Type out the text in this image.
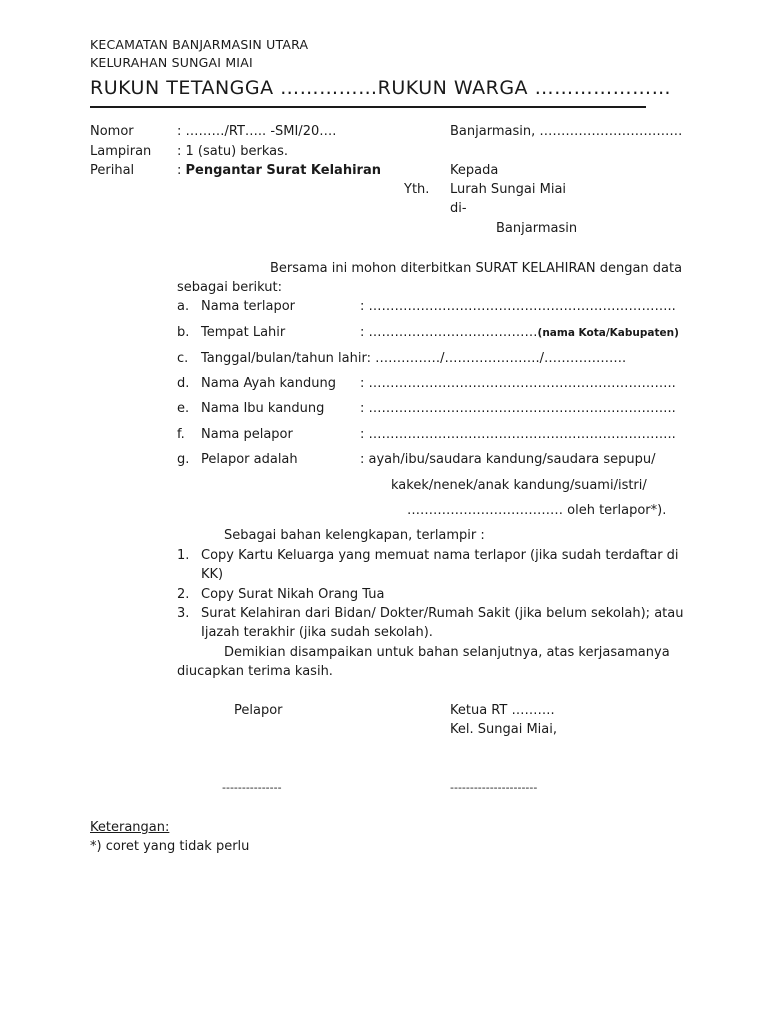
KECAMATAN BANJARMASIN UTARA
KELURAHAN SUNGAI MIAI
RUKUN TETANGGA ……………RUKUN WARGA …………………
Nomor	: ………/RT….. -SMI/20….	Banjarmasin, ……………………………
Lampiran : 1 (satu) berkas.
Perihal	: Pengantar Surat Kelahiran	Kepada
Yth. Lurah Sungai Miai
di-
Banjarmasin
Bersama ini mohon diterbitkan SURAT KELAHIRAN dengan data
sebagai berikut:
a. Nama terlapor	: ……………………………………………………………..
b. Tempat Lahir	: …………………………………(nama Kota/Kabupaten)
c. Tanggal/bulan/tahun lahir: ……………/…………………./……………….
d. Nama Ayah kandung : ……………………………………………………………..
e. Nama Ibu kandung	: ……………………………………………………………..
f. Nama pelapor	: ……………………………………………………………..
g. Pelapor adalah	: ayah/ibu/saudara kandung/saudara sepupu/
kakek/nenek/anak kandung/suami/istri/
……………………………… oleh terlapor*).
Sebagai bahan kelengkapan, terlampir :
1. Copy Kartu Keluarga yang memuat nama terlapor (jika sudah terdaftar di
KK)
2. Copy Surat Nikah Orang Tua
3. Surat Kelahiran dari Bidan/ Dokter/Rumah Sakit (jika belum sekolah); atau
Ijazah terakhir (jika sudah sekolah).
Demikian disampaikan untuk bahan selanjutnya, atas kerjasamanya
diucapkan terima kasih.
Pelapor	Ketua RT ……….
Kel. Sungai Miai,
---------------	----------------------
Keterangan:
*) coret yang tidak perlu
